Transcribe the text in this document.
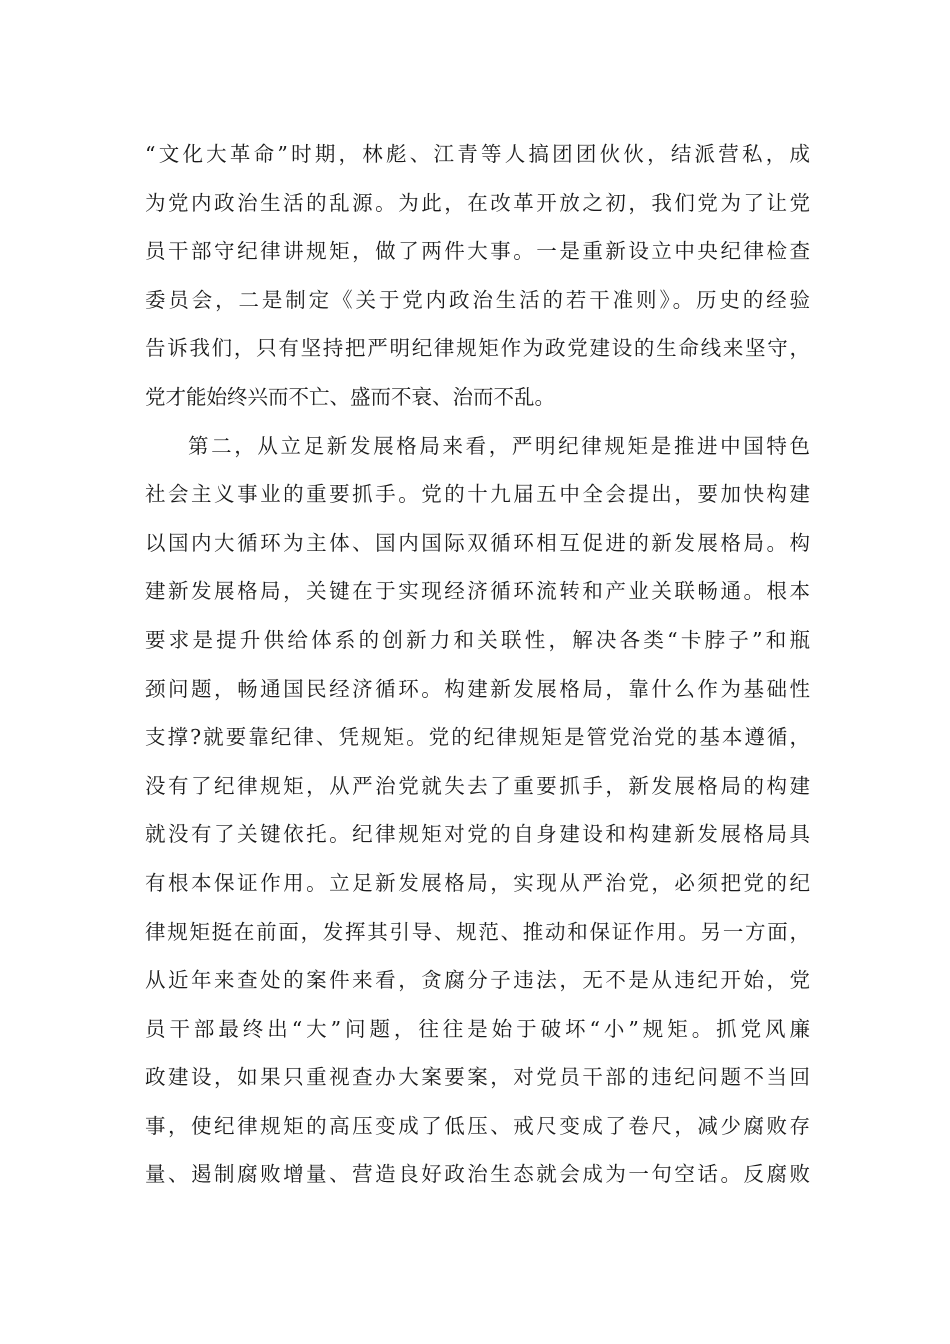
“文化大革命”时期，林彪、江青等人搞团团伙伙，结派营私，成
为党内政治生活的乱源。为此，在改革开放之初，我们党为了让党
员干部守纪律讲规矩，做了两件大事。一是重新设立中央纪律检查
委员会，二是制定《关于党内政治生活的若干准则》。历史的经验
告诉我们，只有坚持把严明纪律规矩作为政党建设的生命线来坚守，
党才能始终兴而不亡、盛而不衰、治而不乱。
第二，从立足新发展格局来看，严明纪律规矩是推进中国特色
社会主义事业的重要抓手。党的十九届五中全会提出，要加快构建
以国内大循环为主体、国内国际双循环相互促进的新发展格局。构
建新发展格局，关键在于实现经济循环流转和产业关联畅通。根本
要求是提升供给体系的创新力和关联性，解决各类“卡脖子”和瓶
颈问题，畅通国民经济循环。构建新发展格局，靠什么作为基础性
支撑?就要靠纪律、凭规矩。党的纪律规矩是管党治党的基本遵循，
没有了纪律规矩，从严治党就失去了重要抓手，新发展格局的构建
就没有了关键依托。纪律规矩对党的自身建设和构建新发展格局具
有根本保证作用。立足新发展格局，实现从严治党，必须把党的纪
律规矩挺在前面，发挥其引导、规范、推动和保证作用。另一方面，
从近年来查处的案件来看，贪腐分子违法，无不是从违纪开始，党
员干部最终出“大”问题，往往是始于破坏“小”规矩。抓党风廉
政建设，如果只重视查办大案要案，对党员干部的违纪问题不当回
事，使纪律规矩的高压变成了低压、戒尺变成了卷尺，减少腐败存
量、遏制腐败增量、营造良好政治生态就会成为一句空话。反腐败
